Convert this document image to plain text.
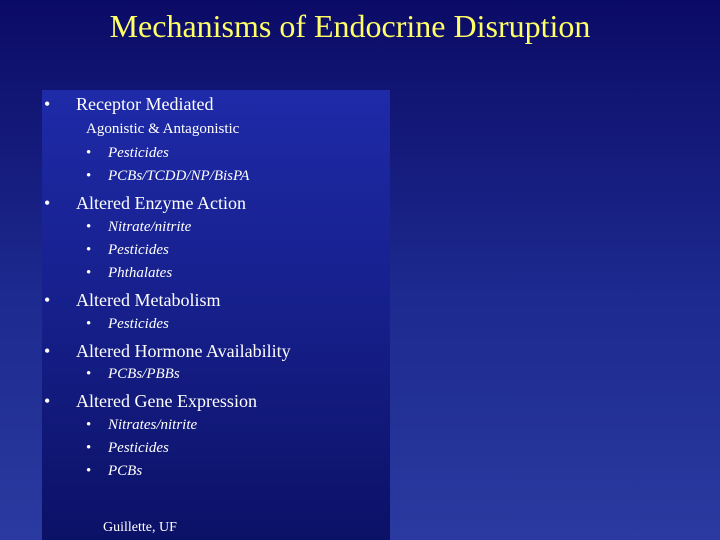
Mechanisms of Endocrine Disruption
• Receptor Mediated
Agonistic & Antagonistic
• Pesticides
• PCBs/TCDD/NP/BisPA
• Altered Enzyme Action
• Nitrate/nitrite
• Pesticides
• Phthalates
• Altered Metabolism
• Pesticides
• Altered Hormone Availability
• PCBs/PBBs
• Altered Gene Expression
• Nitrates/nitrite
• Pesticides
• PCBs
Guillette, UF
